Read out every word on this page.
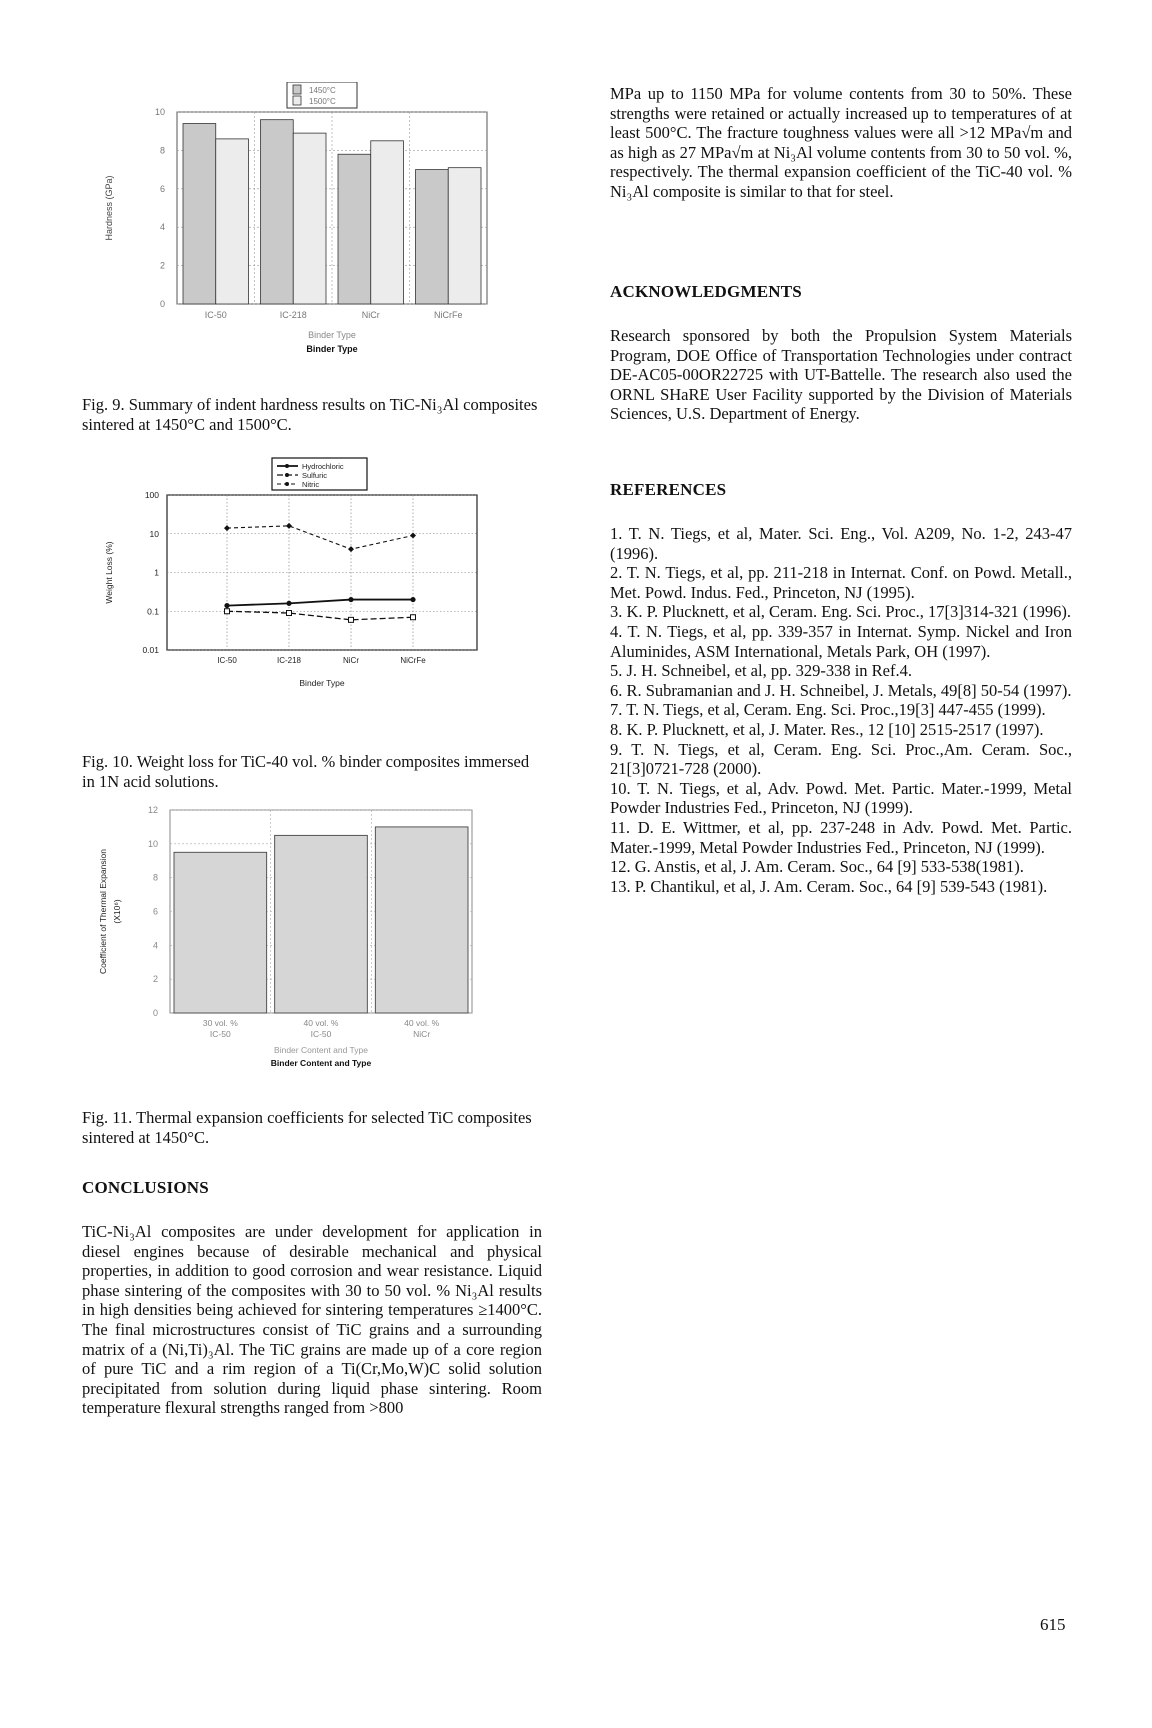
0
2
4
6
8
10
IC-50	IC-218	NiCr	NiCrFe
Binder Type
Binder Type
Hardness (GPa)
1450°C
1500°C

Fig. 9. Summary of indent hardness results on TiC-Ni₃Al composites sintered at 1450°C and 1500°C.

0.01
0.1
1
10
100
IC-50	IC-218	NiCr	NiCrFe
Binder Type
Weight Loss (%)
Hydrochloric
Sulfuric
Nitric

Fig. 10. Weight loss for TiC-40 vol. % binder composites immersed in 1N acid solutions.

0
2
4
6
8
10
12
30 vol. %
IC-50
40 vol. %
IC-50
40 vol. %
NiCr
Binder Content and Type
Binder Content and Type
Coefficient of Thermal Expansion (X10⁶)

Fig. 11. Thermal expansion coefficients for selected TiC composites sintered at 1450°C.

CONCLUSIONS

TiC-Ni₃Al composites are under development for application in diesel engines because of desirable mechanical and physical properties, in addition to good corrosion and wear resistance. Liquid phase sintering of the composites with 30 to 50 vol. % Ni₃Al results in high densities being achieved for sintering temperatures ≥1400°C. The final microstructures consist of TiC grains and a surrounding matrix of a (Ni,Ti)₃Al. The TiC grains are made up of a core region of pure TiC and a rim region of a Ti(Cr,Mo,W)C solid solution precipitated from solution during liquid phase sintering. Room temperature flexural strengths ranged from >800

MPa up to 1150 MPa for volume contents from 30 to 50%. These strengths were retained or actually increased up to temperatures of at least 500°C. The fracture toughness values were all >12 MPa√m and as high as 27 MPa√m at Ni₃Al volume contents from 30 to 50 vol. %, respectively. The thermal expansion coefficient of the TiC-40 vol. % Ni₃Al composite is similar to that for steel.

ACKNOWLEDGMENTS

Research sponsored by both the Propulsion System Materials Program, DOE Office of Transportation Technologies under contract DE-AC05-00OR22725 with UT-Battelle. The research also used the ORNL SHaRE User Facility supported by the Division of Materials Sciences, U.S. Department of Energy.

REFERENCES

1. T. N. Tiegs, et al, Mater. Sci. Eng., Vol. A209, No. 1-2, 243-47 (1996).

2. T. N. Tiegs, et al, pp. 211-218 in Internat. Conf. on Powd. Metall., Met. Powd. Indus. Fed., Princeton, NJ (1995).

3. K. P. Plucknett, et al, Ceram. Eng. Sci. Proc., 17[3]314-321 (1996).

4. T. N. Tiegs, et al, pp. 339-357 in Internat. Symp. Nickel and Iron Aluminides, ASM International, Metals Park, OH (1997).

5. J. H. Schneibel, et al, pp. 329-338 in Ref.4.

6. R. Subramanian and J. H. Schneibel, J. Metals, 49[8] 50-54 (1997).

7. T. N. Tiegs, et al, Ceram. Eng. Sci. Proc.,19[3] 447-455 (1999).

8. K. P. Plucknett, et al, J. Mater. Res., 12 [10] 2515-2517 (1997).

9. T. N. Tiegs, et al, Ceram. Eng. Sci. Proc.,Am. Ceram. Soc., 21[3]0721-728 (2000).

10. T. N. Tiegs, et al, Adv. Powd. Met. Partic. Mater.-1999, Metal Powder Industries Fed., Princeton, NJ (1999).

11. D. E. Wittmer, et al, pp. 237-248 in Adv. Powd. Met. Partic. Mater.-1999, Metal Powder Industries Fed., Princeton, NJ (1999).

12. G. Anstis, et al, J. Am. Ceram. Soc., 64 [9] 533-538(1981).

13. P. Chantikul, et al, J. Am. Ceram. Soc., 64 [9] 539-543 (1981).

615
